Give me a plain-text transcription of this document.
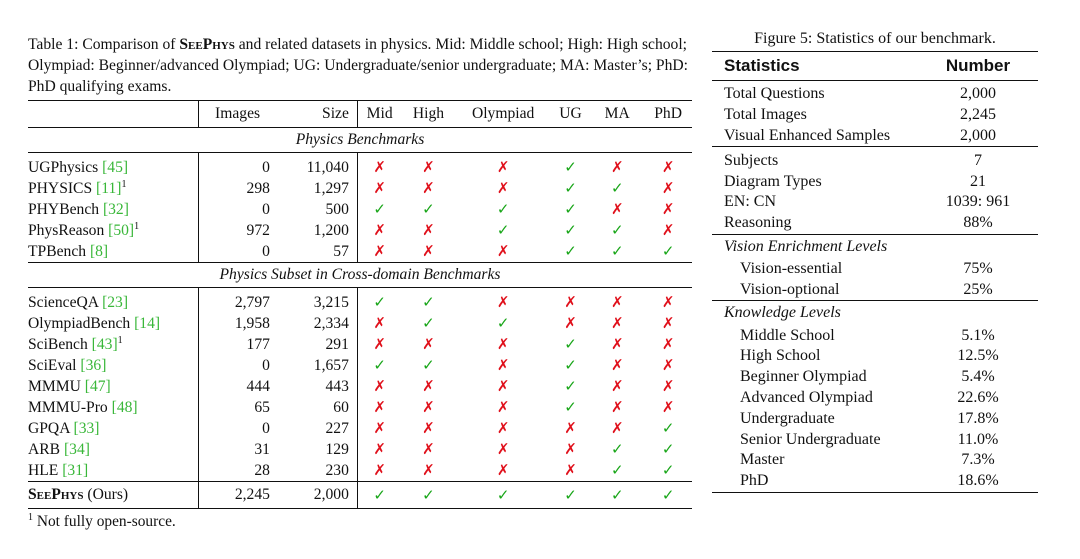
Table 1: Comparison of SeePhys and related datasets in physics. Mid: Middle school; High: High school; Olympiad: Beginner/advanced Olympiad; UG: Undergraduate/senior undergraduate; MA: Master’s; PhD: PhD qualifying exams.
	Images	Size	Mid	High	Olympiad	UG	MA	PhD
Physics Benchmarks								
UGPhysics [45]	0	11,040	✗	✗	✗	✓	✗	✗
PHYSICS $[11]^1$	298	1,297	✗	✗	✗	✓	✓	✗
PHYBench [32]	0	500	✓	✓	✓	✓	✗	✗
PhysReason $[50]^1$	972	1,200	✗	✗	✓	✓	✓	✗
TPBench [8]	0	57	✗	✗	✗	✓	✓	✓
Physics Subset in Cross-domain Benchmarks								
ScienceQA [23]	2,797	3,215	✓	✓	✗	✗	✗	✗
OlympiadBench [14]	1,958	2,334	✗	✓	✓	✗	✗	✗
SciBench $[43]^1$	177	291	✗	✗	✗	✓	✗	✗
SciEval [36]	0	1,657	✓	✓	✗	✓	✗	✗
MMMU [47]	444	443	✗	✗	✗	✓	✗	✗
MMMU-Pro [48]	65	60	✗	✗	✗	✓	✗	✗
GPQA [33]	0	227	✗	✗	✗	✗	✗	✓
ARB [34]	31	129	✗	✗	✗	✗	✓	✓
HLE [31]	28	230	✗	✗	✗	✗	✓	✓
SeePhys (Ours)	2,245	2,000	✓	✓	✓	✓	✓	✓
$^1$ Not fully open-source.
Figure 5: Statistics of our benchmark.
Statistics	Number
Total Questions	2,000
Total Images	2,245
Visual Enhanced Samples	2,000
Subjects	7
Diagram Types	21
EN: CN	1039: 961
Reasoning	88%
Vision Enrichment Levels	
Vision-essential	75%
Vision-optional	25%
Knowledge Levels	
Middle School	5.1%
High School	12.5%
Beginner Olympiad	5.4%
Advanced Olympiad	22.6%
Undergraduate	17.8%
Senior Undergraduate	11.0%
Master	7.3%
PhD	18.6%
